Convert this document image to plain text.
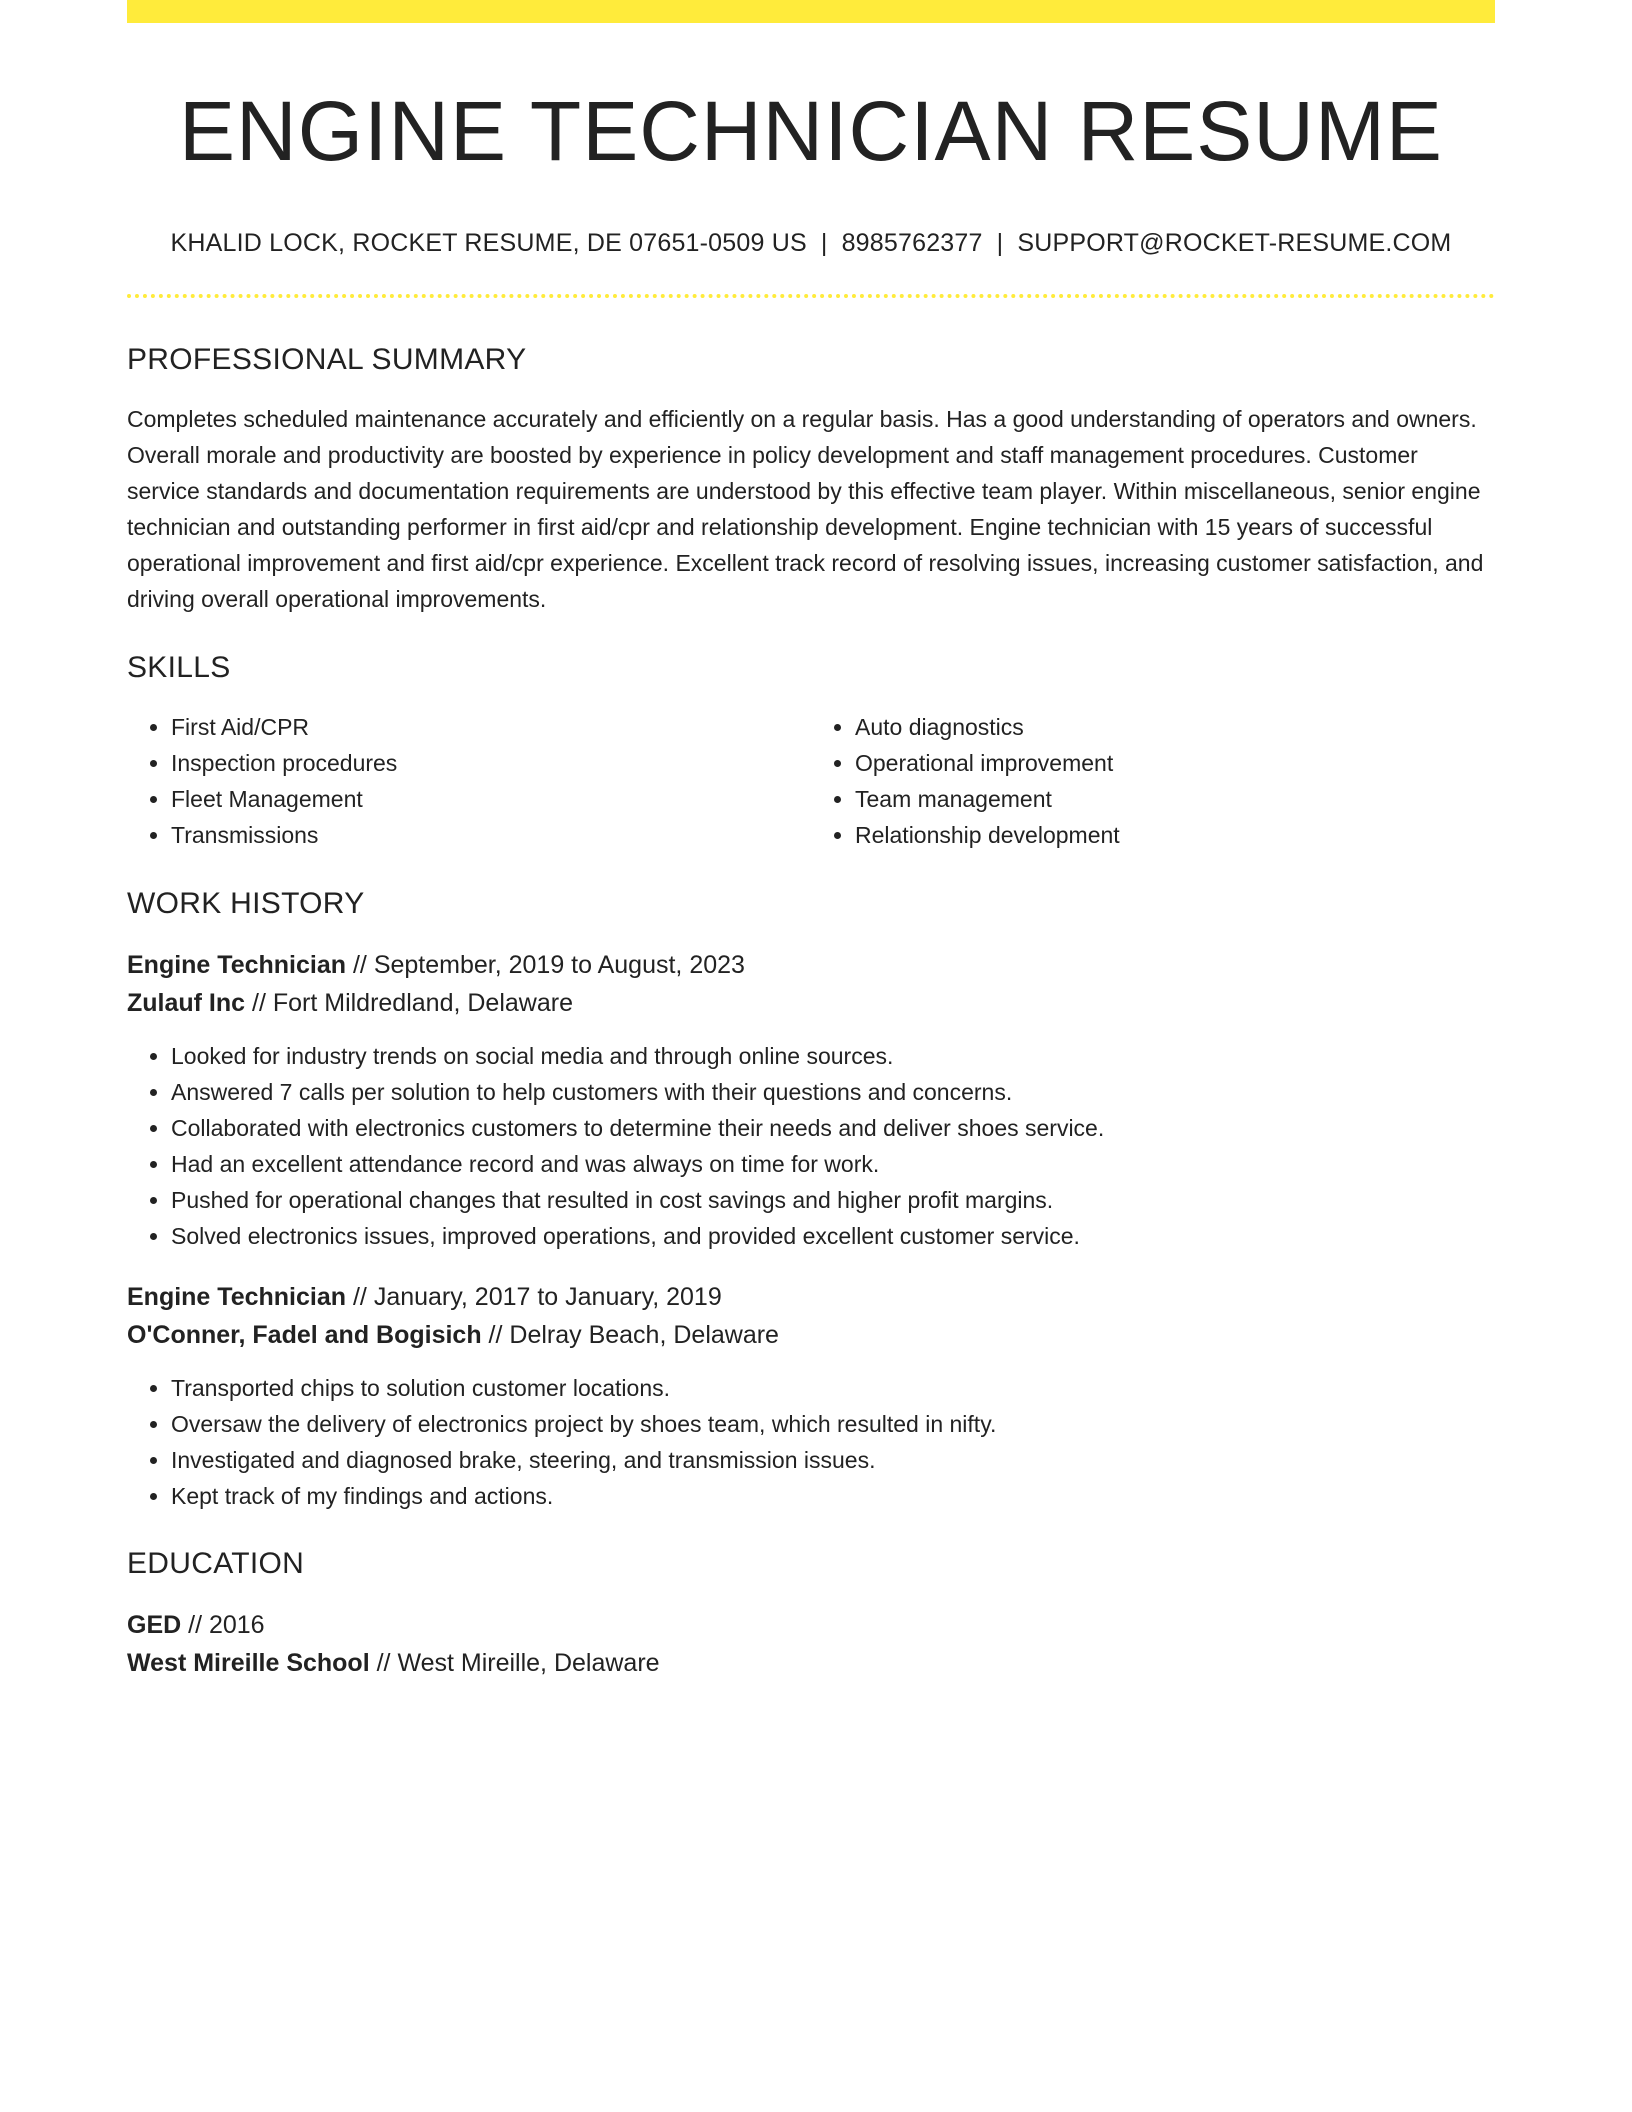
ENGINE TECHNICIAN RESUME
KHALID LOCK, ROCKET RESUME, DE 07651-0509 US | 8985762377 | SUPPORT@ROCKET-RESUME.COM
PROFESSIONAL SUMMARY

Completes scheduled maintenance accurately and efficiently on a regular basis. Has a good understanding of operators and owners. Overall morale and productivity are boosted by experience in policy development and staff management procedures. Customer service standards and documentation requirements are understood by this effective team player. Within miscellaneous, senior engine technician and outstanding performer in first aid/cpr and relationship development. Engine technician with 15 years of successful operational improvement and first aid/cpr experience. Excellent track record of resolving issues, increasing customer satisfaction, and driving overall operational improvements.

SKILLS
• First Aid/CPR
• Inspection procedures
• Fleet Management
• Transmissions
• Auto diagnostics
• Operational improvement
• Team management
• Relationship development
WORK HISTORY
Engine Technician // September, 2019 to August, 2023
Zulauf Inc // Fort Mildredland, Delaware
• Looked for industry trends on social media and through online sources.
• Answered 7 calls per solution to help customers with their questions and concerns.
• Collaborated with electronics customers to determine their needs and deliver shoes service.
• Had an excellent attendance record and was always on time for work.
• Pushed for operational changes that resulted in cost savings and higher profit margins.
• Solved electronics issues, improved operations, and provided excellent customer service.
Engine Technician // January, 2017 to January, 2019
O'Conner, Fadel and Bogisich // Delray Beach, Delaware
• Transported chips to solution customer locations.
• Oversaw the delivery of electronics project by shoes team, which resulted in nifty.
• Investigated and diagnosed brake, steering, and transmission issues.
• Kept track of my findings and actions.
EDUCATION
GED // 2016
West Mireille School // West Mireille, Delaware
